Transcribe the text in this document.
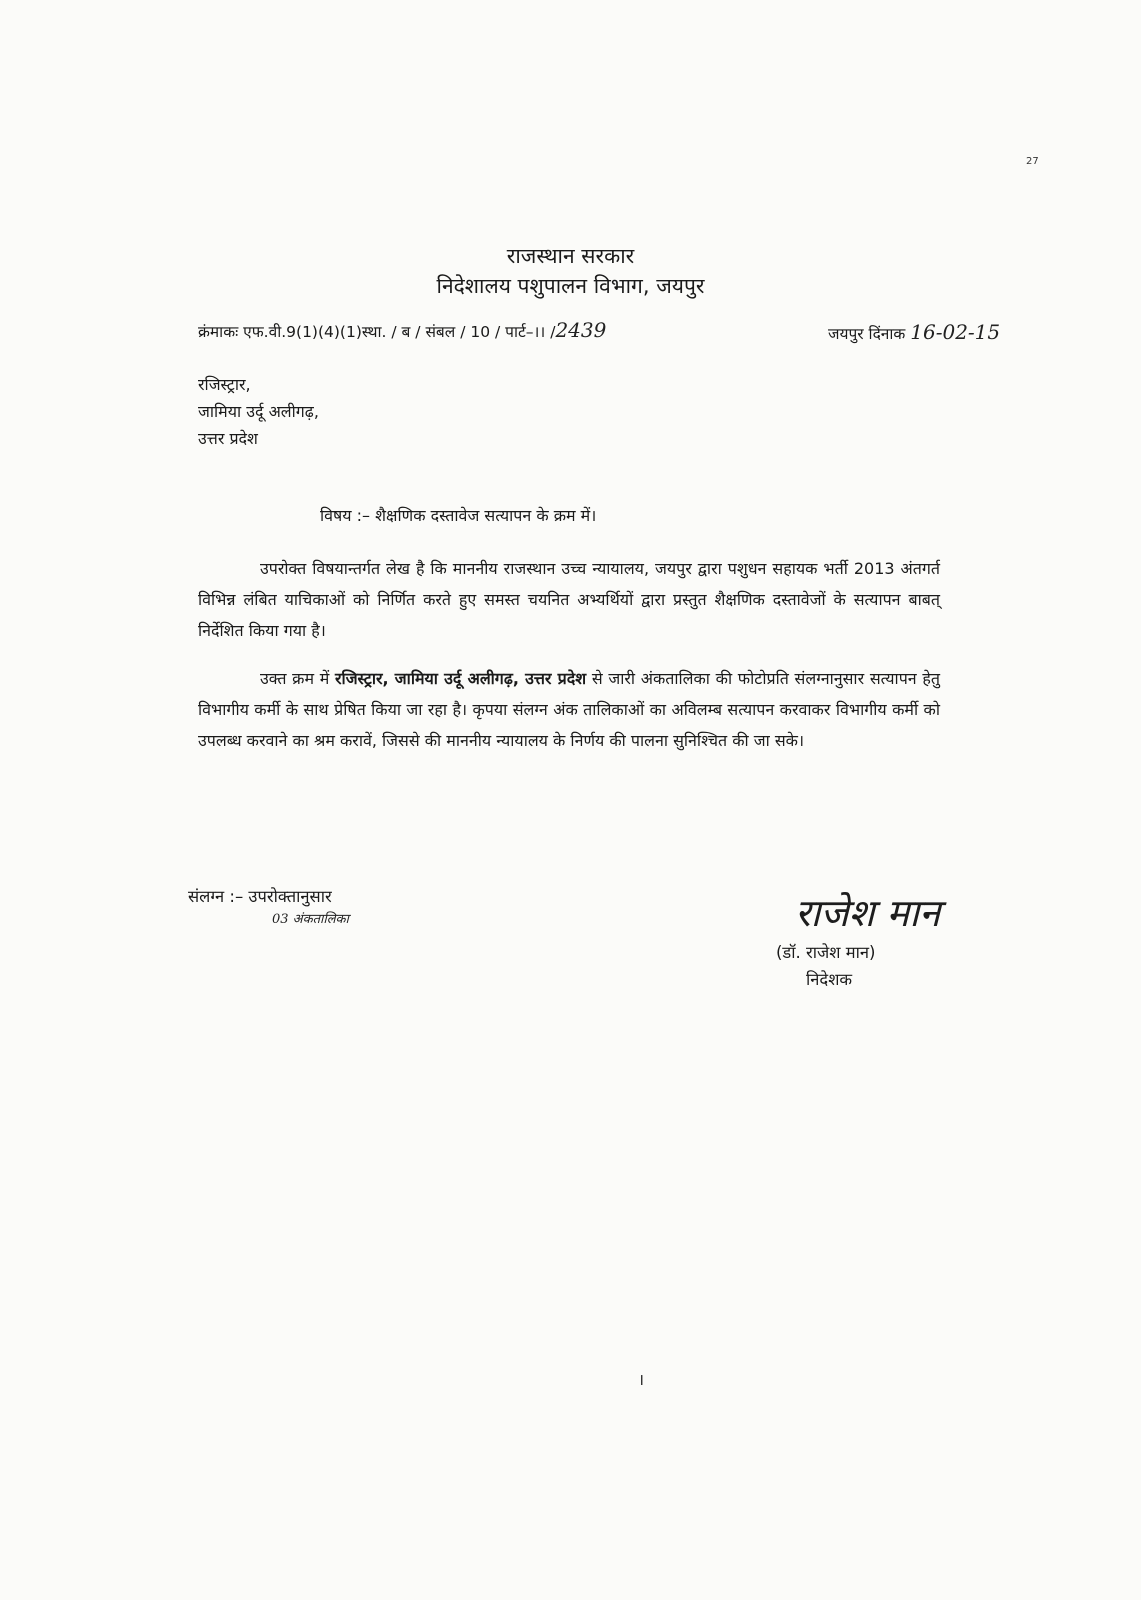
27
राजस्थान सरकार
निदेशालय पशुपालन विभाग, जयपुर
क्रंमाकः एफ.वी.9(1)(4)(1)स्था. / ब / संबल / 10 / पार्ट–।। /2439	जयपुर दिंनाक 16-02-15
रजिस्ट्रार,
जामिया उर्दू अलीगढ़,
उत्तर प्रदेश
विषय :– शैक्षणिक दस्तावेज सत्यापन के क्रम में।
उपरोक्त विषयान्तर्गत लेख है कि माननीय राजस्थान उच्च न्यायालय, जयपुर द्वारा पशुधन सहायक भर्ती 2013 अंतगर्त विभिन्न लंबित याचिकाओं को निर्णित करते हुए समस्त चयनित अभ्यर्थियों द्वारा प्रस्तुत शैक्षणिक दस्तावेजों के सत्यापन बाबत् निर्देशित किया गया है।
उक्त क्रम में रजिस्ट्रार, जामिया उर्दू अलीगढ़, उत्तर प्रदेश से जारी अंकतालिका की फोटोप्रति संलग्नानुसार सत्यापन हेतु विभागीय कर्मी के साथ प्रेषित किया जा रहा है। कृपया संलग्न अंक तालिकाओं का अविलम्ब सत्यापन करवाकर विभागीय कर्मी को उपलब्ध करवाने का श्रम करावें, जिससे की माननीय न्यायालय के निर्णय की पालना सुनिश्चित की जा सके।
संलग्न :– उपरोक्तानुसार
03 अंकतालिका	राजेश मान
(डॉ. राजेश मान)
निदेशक
।
